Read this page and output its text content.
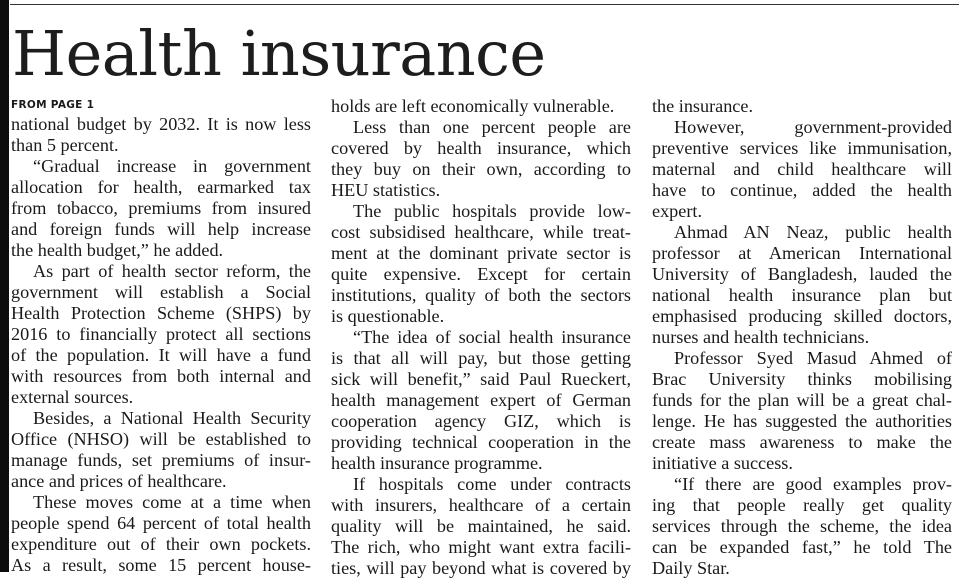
Health insurance
FROM PAGE 1
national budget by 2032. It is now less
than 5 percent.
“Gradual increase in government
allocation for health, earmarked tax
from tobacco, premiums from insured
and foreign funds will help increase
the health budget,” he added.
As part of health sector reform, the
government will establish a Social
Health Protection Scheme (SHPS) by
2016 to financially protect all sections
of the population. It will have a fund
with resources from both internal and
external sources.
Besides, a National Health Security
Office (NHSO) will be established to
manage funds, set premiums of insur-
ance and prices of healthcare.
These moves come at a time when
people spend 64 percent of total health
expenditure out of their own pockets.
As a result, some 15 percent house-
holds are left economically vulnerable.
Less than one percent people are
covered by health insurance, which
they buy on their own, according to
HEU statistics.
The public hospitals provide low-
cost subsidised healthcare, while treat-
ment at the dominant private sector is
quite expensive. Except for certain
institutions, quality of both the sectors
is questionable.
“The idea of social health insurance
is that all will pay, but those getting
sick will benefit,” said Paul Rueckert,
health management expert of German
cooperation agency GIZ, which is
providing technical cooperation in the
health insurance programme.
If hospitals come under contracts
with insurers, healthcare of a certain
quality will be maintained, he said.
The rich, who might want extra facili-
ties, will pay beyond what is covered by
the insurance.
However, government-provided
preventive services like immunisation,
maternal and child healthcare will
have to continue, added the health
expert.
Ahmad AN Neaz, public health
professor at American International
University of Bangladesh, lauded the
national health insurance plan but
emphasised producing skilled doctors,
nurses and health technicians.
Professor Syed Masud Ahmed of
Brac University thinks mobilising
funds for the plan will be a great chal-
lenge. He has suggested the authorities
create mass awareness to make the
initiative a success.
“If there are good examples prov-
ing that people really get quality
services through the scheme, the idea
can be expanded fast,” he told The
Daily Star.
